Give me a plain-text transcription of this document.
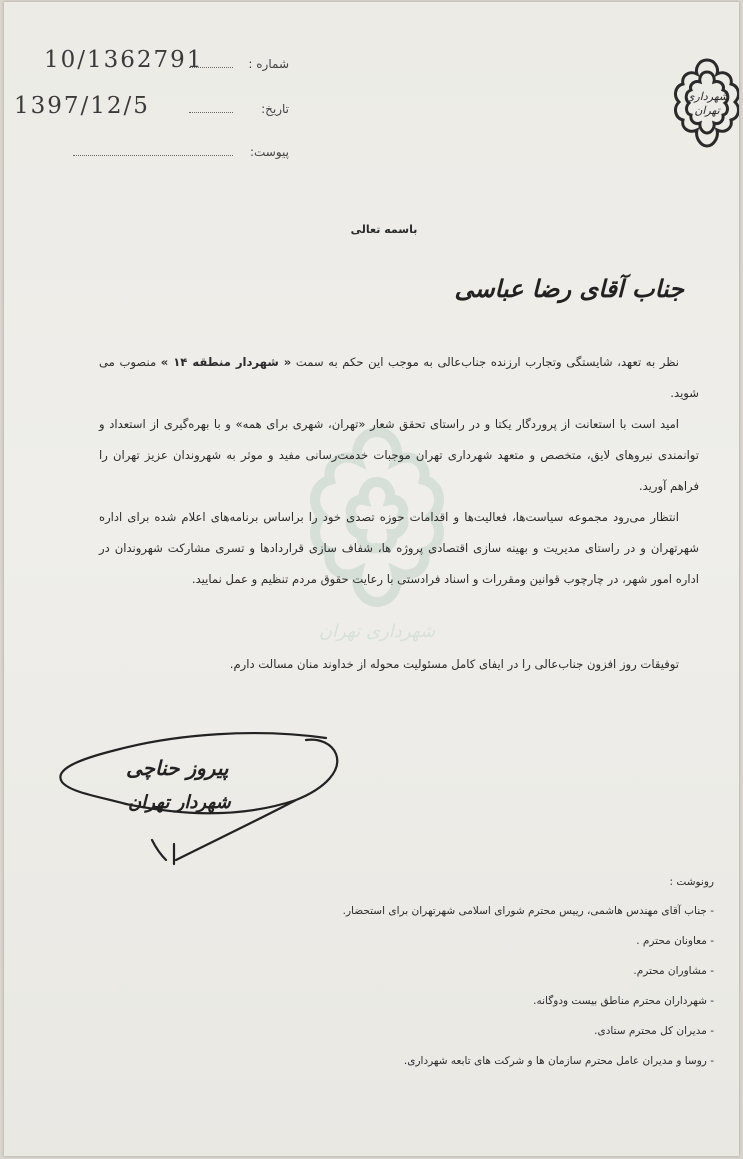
شهرداری
تهران
شماره :
10/1362791
تاریخ:
1397/12/5
پیوست:
شهرداری تهران
باسمه تعالی
جناب آقای رضا عباسی
نظر به تعهد، شایستگی وتجارب ارزنده جناب‌عالی به موجب این حکم به سمت « شهردار منطقه ۱۴ » منصوب می شوید.
امید است با استعانت از پروردگار یکتا و در راستای تحقق شعار «تهران، شهری برای همه» و با بهره‌گیری از استعداد و توانمندی نیروهای لایق، متخصص و متعهد شهرداری تهران موجبات خدمت‌رسانی مفید و موثر به شهروندان عزیز تهران را فراهم آورید.
انتظار می‌رود مجموعه سیاست‌ها، فعالیت‌ها و اقدامات حوزه تصدی خود را براساس برنامه‌های اعلام شده برای اداره شهرتهران و در راستای مدیریت و بهینه سازی اقتصادی پروژه ها، شفاف سازی قراردادها و تسری مشارکت شهروندان در اداره امور شهر، در چارچوب قوانین ومقررات و اسناد فرادستی با رعایت حقوق مردم تنظیم و عمل نمایید.
توفیقات روز افزون جناب‌عالی را در ایفای کامل مسئولیت محوله از خداوند منان مسالت دارم.
پیروز حناچی
شهردار تهران
رونوشت :
- جناب آقای مهندس هاشمی، رییس محترم شورای اسلامی شهرتهران برای استحضار.
- معاونان محترم .
- مشاوران محترم.
- شهرداران محترم مناطق بیست ودوگانه.
- مدیران کل محترم ستادی.
- روسا و مدیران عامل محترم سازمان ها و شرکت های تابعه شهرداری.
